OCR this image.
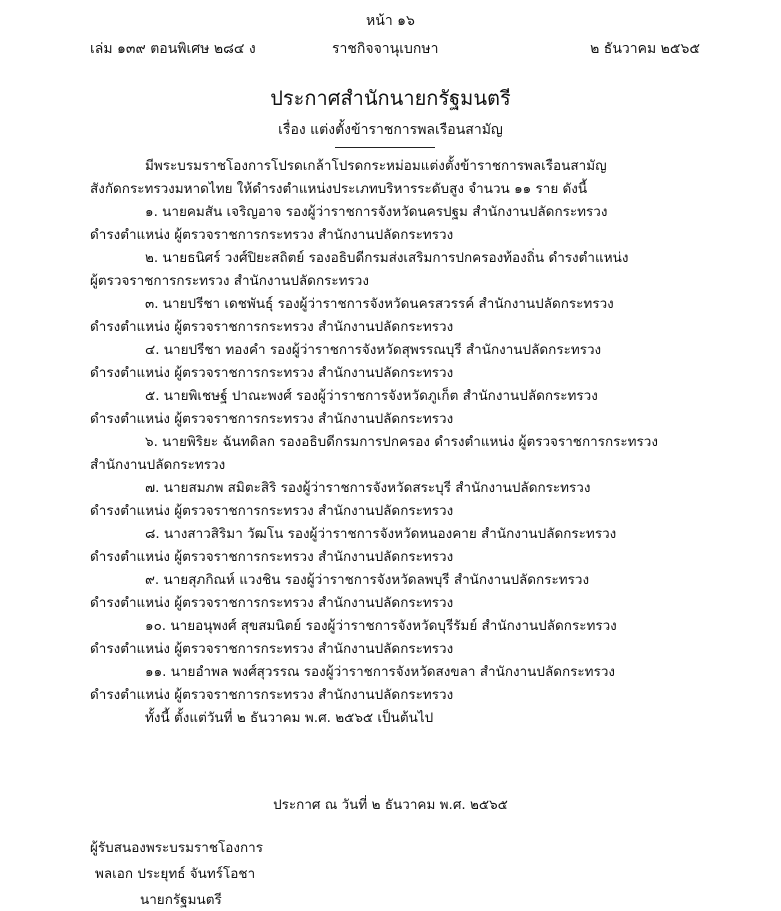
หน้า ๑๖
เล่ม ๑๓๙ ตอนพิเศษ ๒๘๔ ง	ราชกิจจานุเบกษา	๒ ธันวาคม ๒๕๖๕
ประกาศสำนักนายกรัฐมนตรี
เรื่อง แต่งตั้งข้าราชการพลเรือนสามัญ
มีพระบรมราชโองการโปรดเกล้าโปรดกระหม่อมแต่งตั้งข้าราชการพลเรือนสามัญ
สังกัดกระทรวงมหาดไทย ให้ดำรงตำแหน่งประเภทบริหารระดับสูง จำนวน ๑๑ ราย ดังนี้
๑. นายคมสัน เจริญอาจ รองผู้ว่าราชการจังหวัดนครปฐม สำนักงานปลัดกระทรวง
ดำรงตำแหน่ง ผู้ตรวจราชการกระทรวง สำนักงานปลัดกระทรวง
๒. นายธนิศร์ วงศ์ปิยะสถิตย์ รองอธิบดีกรมส่งเสริมการปกครองท้องถิ่น ดำรงตำแหน่ง
ผู้ตรวจราชการกระทรวง สำนักงานปลัดกระทรวง
๓. นายปรีชา เดชพันธุ์ รองผู้ว่าราชการจังหวัดนครสวรรค์ สำนักงานปลัดกระทรวง
ดำรงตำแหน่ง ผู้ตรวจราชการกระทรวง สำนักงานปลัดกระทรวง
๔. นายปรีชา ทองคำ รองผู้ว่าราชการจังหวัดสุพรรณบุรี สำนักงานปลัดกระทรวง
ดำรงตำแหน่ง ผู้ตรวจราชการกระทรวง สำนักงานปลัดกระทรวง
๕. นายพิเชษฐ์ ปาณะพงศ์ รองผู้ว่าราชการจังหวัดภูเก็ต สำนักงานปลัดกระทรวง
ดำรงตำแหน่ง ผู้ตรวจราชการกระทรวง สำนักงานปลัดกระทรวง
๖. นายพิริยะ ฉันทดิลก รองอธิบดีกรมการปกครอง ดำรงตำแหน่ง ผู้ตรวจราชการกระทรวง
สำนักงานปลัดกระทรวง
๗. นายสมภพ สมิตะสิริ รองผู้ว่าราชการจังหวัดสระบุรี สำนักงานปลัดกระทรวง
ดำรงตำแหน่ง ผู้ตรวจราชการกระทรวง สำนักงานปลัดกระทรวง
๘. นางสาวสิริมา วัฒโน รองผู้ว่าราชการจังหวัดหนองคาย สำนักงานปลัดกระทรวง
ดำรงตำแหน่ง ผู้ตรวจราชการกระทรวง สำนักงานปลัดกระทรวง
๙. นายสุภกิณห์ แวงชิน รองผู้ว่าราชการจังหวัดลพบุรี สำนักงานปลัดกระทรวง
ดำรงตำแหน่ง ผู้ตรวจราชการกระทรวง สำนักงานปลัดกระทรวง
๑๐. นายอนุพงศ์ สุขสมนิตย์ รองผู้ว่าราชการจังหวัดบุรีรัมย์ สำนักงานปลัดกระทรวง
ดำรงตำแหน่ง ผู้ตรวจราชการกระทรวง สำนักงานปลัดกระทรวง
๑๑. นายอำพล พงศ์สุวรรณ รองผู้ว่าราชการจังหวัดสงขลา สำนักงานปลัดกระทรวง
ดำรงตำแหน่ง ผู้ตรวจราชการกระทรวง สำนักงานปลัดกระทรวง
ทั้งนี้ ตั้งแต่วันที่ ๒ ธันวาคม พ.ศ. ๒๕๖๕ เป็นต้นไป
ประกาศ ณ วันที่ ๒ ธันวาคม พ.ศ. ๒๕๖๕
ผู้รับสนองพระบรมราชโองการ
พลเอก ประยุทธ์ จันทร์โอชา
นายกรัฐมนตรี
